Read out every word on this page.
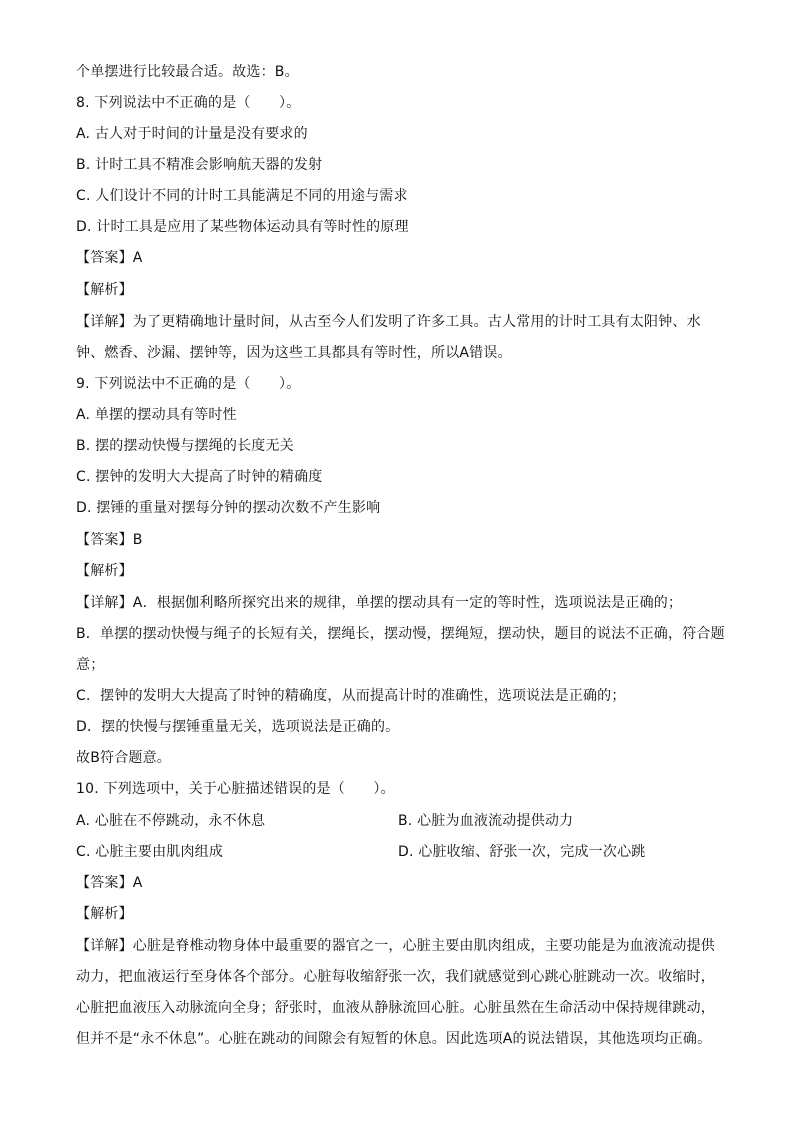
个单摆进行比较最合适。故选：B。
8. 下列说法中不正确的是（　　）。
A. 古人对于时间的计量是没有要求的
B. 计时工具不精准会影响航天器的发射
C. 人们设计不同的计时工具能满足不同的用途与需求
D. 计时工具是应用了某些物体运动具有等时性的原理
【答案】A
【解析】
【详解】为了更精确地计量时间，从古至今人们发明了许多工具。古人常用的计时工具有太阳钟、水
钟、燃香、沙漏、摆钟等，因为这些工具都具有等时性，所以A错误。
9. 下列说法中不正确的是（　　）。
A. 单摆的摆动具有等时性
B. 摆的摆动快慢与摆绳的长度无关
C. 摆钟的发明大大提高了时钟的精确度
D. 摆锤的重量对摆每分钟的摆动次数不产生影响
【答案】B
【解析】
【详解】A．根据伽利略所探究出来的规律，单摆的摆动具有一定的等时性，选项说法是正确的；
B．单摆的摆动快慢与绳子的长短有关，摆绳长，摆动慢，摆绳短，摆动快，题目的说法不正确，符合题
意；
C．摆钟的发明大大提高了时钟的精确度，从而提高计时的准确性，选项说法是正确的；
D．摆的快慢与摆锤重量无关，选项说法是正确的。
故B符合题意。
10. 下列选项中，关于心脏描述错误的是（　　）。
A. 心脏在不停跳动，永不休息	B. 心脏为血液流动提供动力
C. 心脏主要由肌肉组成	D. 心脏收缩、舒张一次，完成一次心跳
【答案】A
【解析】
【详解】心脏是脊椎动物身体中最重要的器官之一，心脏主要由肌肉组成，主要功能是为血液流动提供
动力，把血液运行至身体各个部分。心脏每收缩舒张一次，我们就感觉到心跳心脏跳动一次。收缩时，
心脏把血液压入动脉流向全身；舒张时，血液从静脉流回心脏。心脏虽然在生命活动中保持规律跳动，
但并不是“永不休息”。心脏在跳动的间隙会有短暂的休息。因此选项A的说法错误，其他选项均正确。
